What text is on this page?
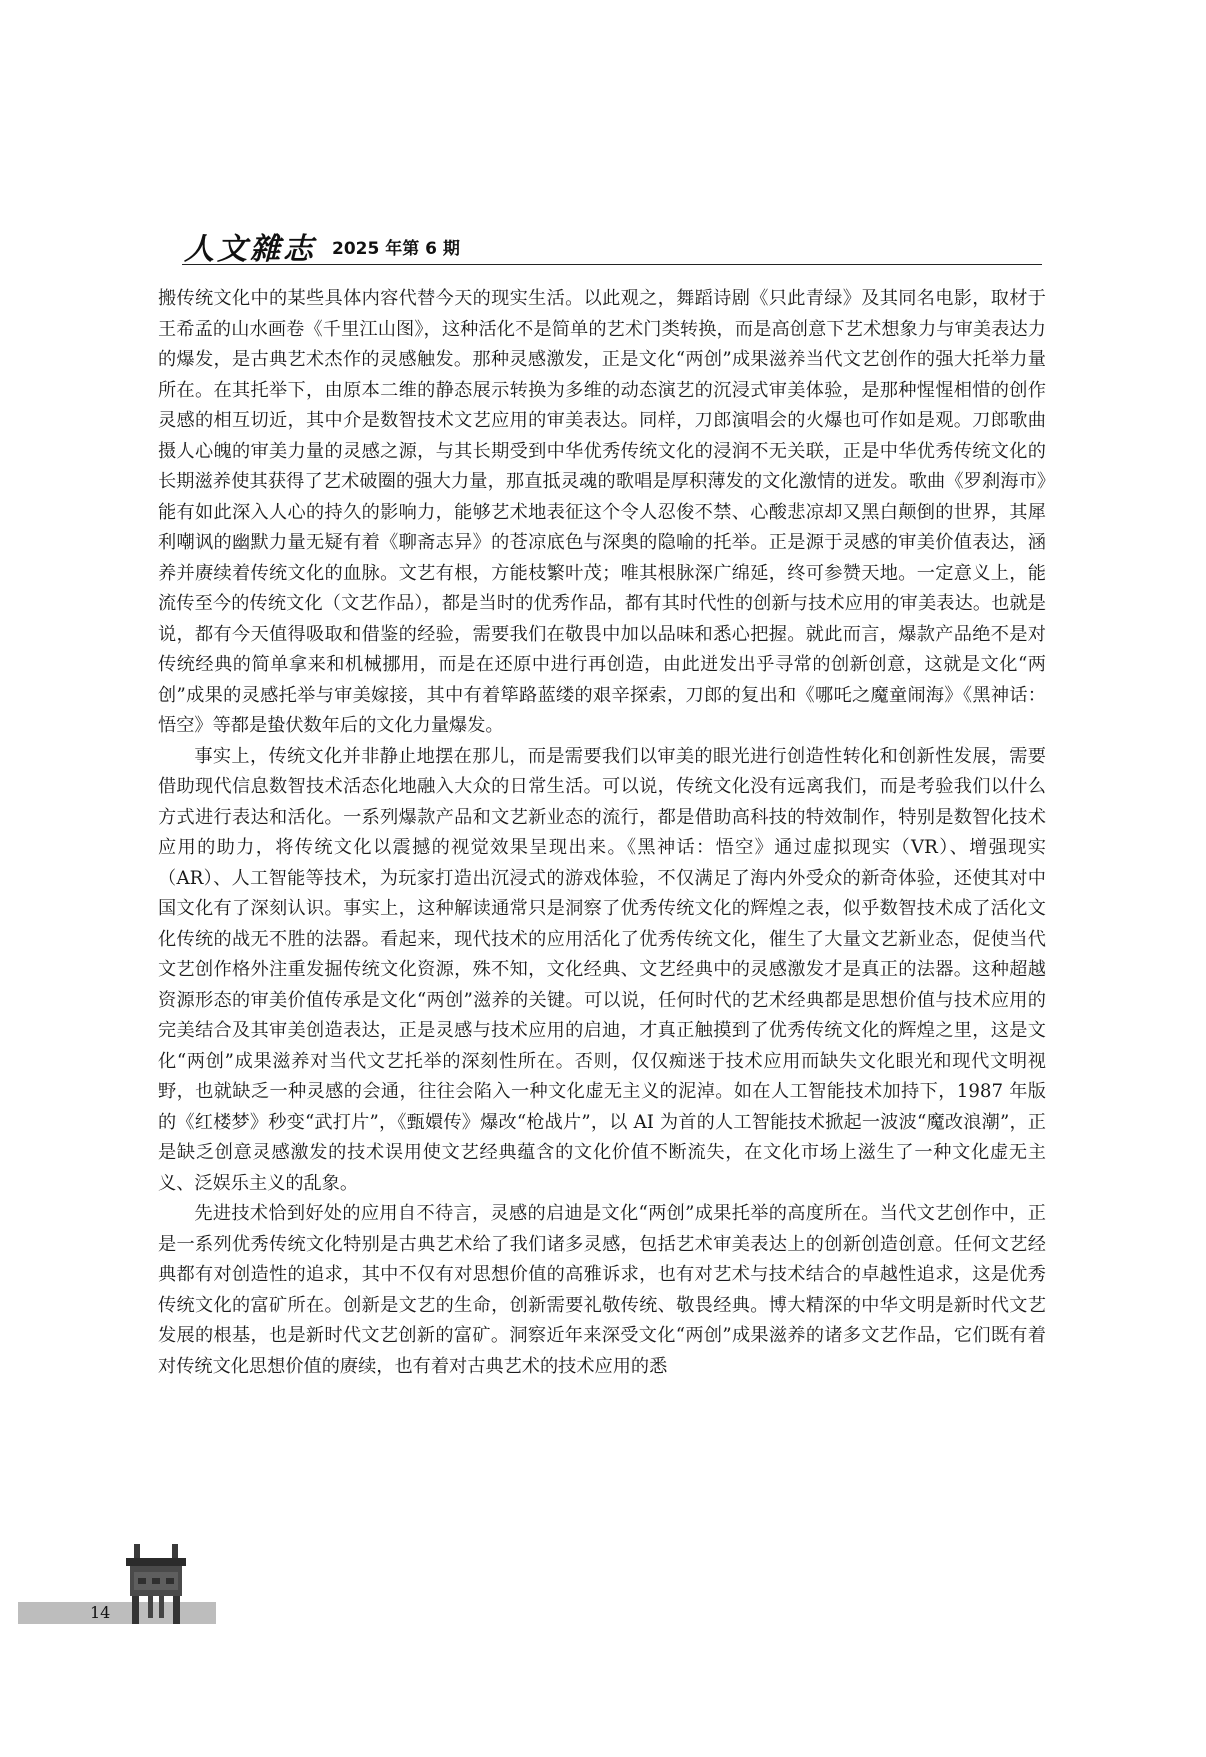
人文雜志 2025 年第 6 期

搬传统文化中的某些具体内容代替今天的现实生活。以此观之，舞蹈诗剧《只此青绿》及其同名电影，取材于王希孟的山水画卷《千里江山图》，这种活化不是简单的艺术门类转换，而是高创意下艺术想象力与审美表达力的爆发，是古典艺术杰作的灵感触发。那种灵感激发，正是文化“两创”成果滋养当代文艺创作的强大托举力量所在。在其托举下，由原本二维的静态展示转换为多维的动态演艺的沉浸式审美体验，是那种惺惺相惜的创作灵感的相互切近，其中介是数智技术文艺应用的审美表达。同样，刀郎演唱会的火爆也可作如是观。刀郎歌曲摄人心魄的审美力量的灵感之源，与其长期受到中华优秀传统文化的浸润不无关联，正是中华优秀传统文化的长期滋养使其获得了艺术破圈的强大力量，那直抵灵魂的歌唱是厚积薄发的文化激情的迸发。歌曲《罗刹海市》能有如此深入人心的持久的影响力，能够艺术地表征这个令人忍俊不禁、心酸悲凉却又黑白颠倒的世界，其犀利嘲讽的幽默力量无疑有着《聊斋志异》的苍凉底色与深奥的隐喻的托举。正是源于灵感的审美价值表达，涵养并赓续着传统文化的血脉。文艺有根，方能枝繁叶茂；唯其根脉深广绵延，终可参赞天地。一定意义上，能流传至今的传统文化（文艺作品），都是当时的优秀作品，都有其时代性的创新与技术应用的审美表达。也就是说，都有今天值得吸取和借鉴的经验，需要我们在敬畏中加以品味和悉心把握。就此而言，爆款产品绝不是对传统经典的简单拿来和机械挪用，而是在还原中进行再创造，由此迸发出乎寻常的创新创意，这就是文化“两创”成果的灵感托举与审美嫁接，其中有着筚路蓝缕的艰辛探索，刀郎的复出和《哪吒之魔童闹海》《黑神话：悟空》等都是蛰伏数年后的文化力量爆发。

事实上，传统文化并非静止地摆在那儿，而是需要我们以审美的眼光进行创造性转化和创新性发展，需要借助现代信息数智技术活态化地融入大众的日常生活。可以说，传统文化没有远离我们，而是考验我们以什么方式进行表达和活化。一系列爆款产品和文艺新业态的流行，都是借助高科技的特效制作，特别是数智化技术应用的助力，将传统文化以震撼的视觉效果呈现出来。《黑神话：悟空》通过虚拟现实（VR）、增强现实（AR）、人工智能等技术，为玩家打造出沉浸式的游戏体验，不仅满足了海内外受众的新奇体验，还使其对中国文化有了深刻认识。事实上，这种解读通常只是洞察了优秀传统文化的辉煌之表，似乎数智技术成了活化文化传统的战无不胜的法器。看起来，现代技术的应用活化了优秀传统文化，催生了大量文艺新业态，促使当代文艺创作格外注重发掘传统文化资源，殊不知，文化经典、文艺经典中的灵感激发才是真正的法器。这种超越资源形态的审美价值传承是文化“两创”滋养的关键。可以说，任何时代的艺术经典都是思想价值与技术应用的完美结合及其审美创造表达，正是灵感与技术应用的启迪，才真正触摸到了优秀传统文化的辉煌之里，这是文化“两创”成果滋养对当代文艺托举的深刻性所在。否则，仅仅痴迷于技术应用而缺失文化眼光和现代文明视野，也就缺乏一种灵感的会通，往往会陷入一种文化虚无主义的泥淖。如在人工智能技术加持下，1987 年版的《红楼梦》秒变“武打片”，《甄嬛传》爆改“枪战片”，以 AI 为首的人工智能技术掀起一波波“魔改浪潮”，正是缺乏创意灵感激发的技术误用使文艺经典蕴含的文化价值不断流失，在文化市场上滋生了一种文化虚无主义、泛娱乐主义的乱象。

先进技术恰到好处的应用自不待言，灵感的启迪是文化“两创”成果托举的高度所在。当代文艺创作中，正是一系列优秀传统文化特别是古典艺术给了我们诸多灵感，包括艺术审美表达上的创新创造创意。任何文艺经典都有对创造性的追求，其中不仅有对思想价值的高雅诉求，也有对艺术与技术结合的卓越性追求，这是优秀传统文化的富矿所在。创新是文艺的生命，创新需要礼敬传统、敬畏经典。博大精深的中华文明是新时代文艺发展的根基，也是新时代文艺创新的富矿。洞察近年来深受文化“两创”成果滋养的诸多文艺作品，它们既有着对传统文化思想价值的赓续，也有着对古典艺术的技术应用的悉

14
